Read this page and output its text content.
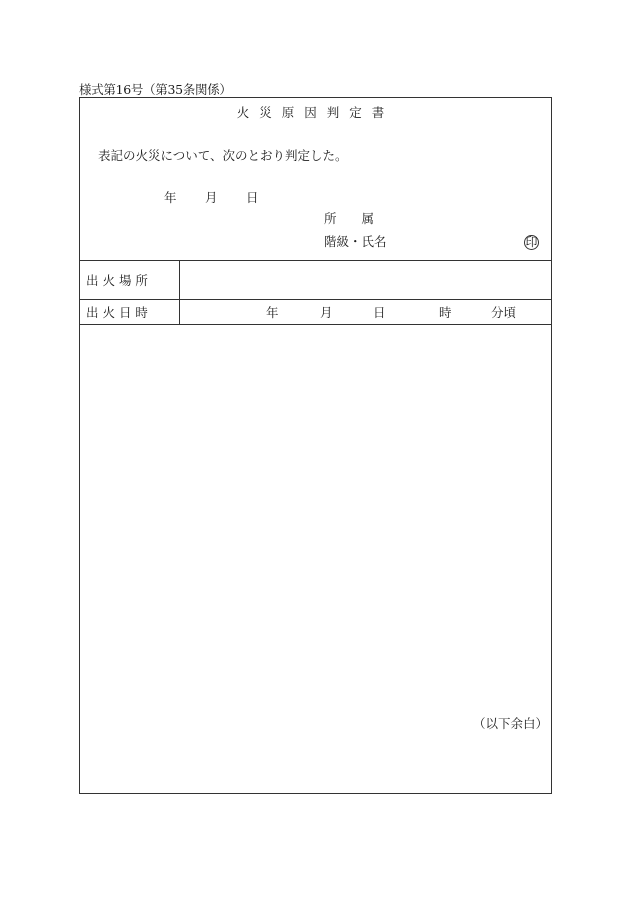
様式第16号（第35条関係）
火災原因判定書
表記の火災について、次のとおり判定した。
年 月 日
所　　属
階級・氏名	印
出 火 場 所
出 火 日 時	年	月	日	時	分頃
（以下余白）
